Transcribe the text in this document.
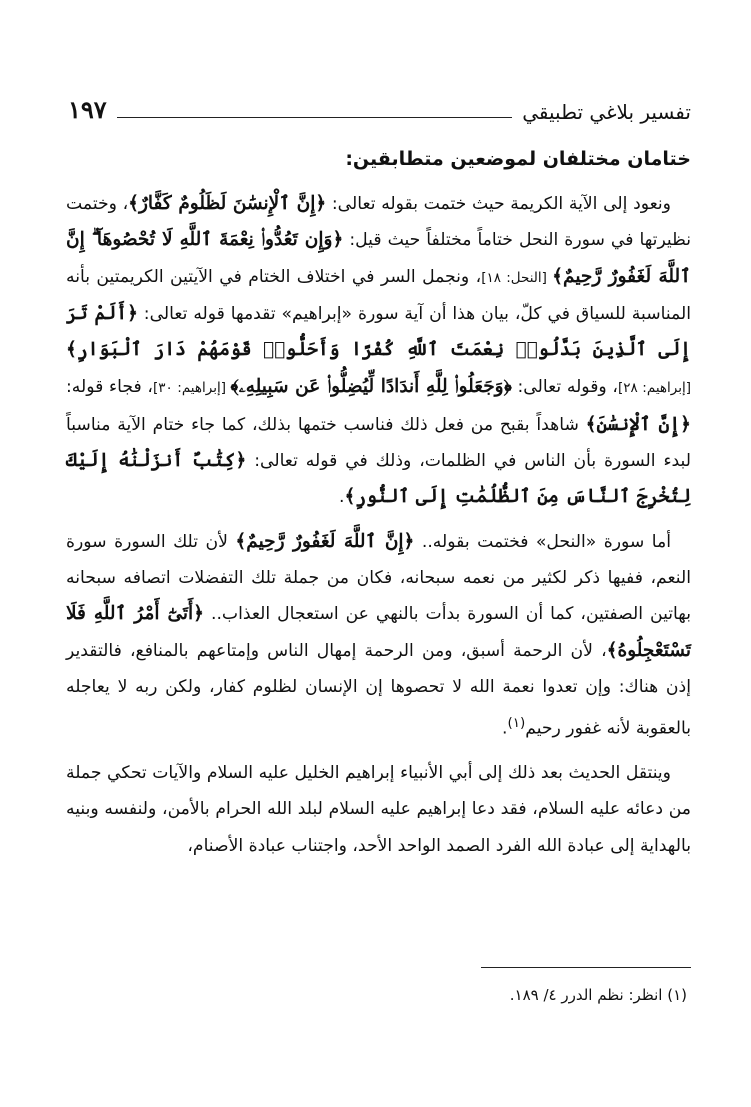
تفسير بلاغي تطبيقي
١٩٧
ختامان مختلفان لموضعين متطابقين:

ونعود إلى الآية الكريمة حيث ختمت بقوله تعالى: ﴿إِنَّ ٱلْإِنسَٰنَ لَظَلُومٌ كَفَّارٌ﴾، وختمت نظيرتها في سورة النحل ختاماً مختلفاً حيث قيل: ﴿وَإِن تَعُدُّوا۟ نِعْمَةَ ٱللَّهِ لَا تُحْصُوهَآ ۗ إِنَّ ٱللَّهَ لَغَفُورٌ رَّحِيمٌ﴾ [النحل: ١٨]، ونجمل السر في اختلاف الختام في الآيتين الكريمتين بأنه المناسبة للسياق في كلّ، بيان هذا أن آية سورة «إبراهيم» تقدمها قوله تعالى: ﴿أَلَمْ تَرَ إِلَى ٱلَّذِينَ بَدَّلُوا۟ نِعْمَتَ ٱللَّهِ كُفْرًا وَأَحَلُّوا۟ قَوْمَهُمْ دَارَ ٱلْبَوَارِ﴾ [إبراهيم: ٢٨]، وقوله تعالى: ﴿وَجَعَلُوا۟ لِلَّهِ أَندَادًا لِّيُضِلُّوا۟ عَن سَبِيلِهِۦ﴾ [إبراهيم: ٣٠]، فجاء قوله: ﴿إِنَّ ٱلْإِنسَٰنَ﴾ شاهداً بقبح من فعل ذلك فناسب ختمها بذلك، كما جاء ختام الآية مناسباً لبدء السورة بأن الناس في الظلمات، وذلك في قوله تعالى: ﴿كِتَٰبٌ أَنزَلْنَٰهُ إِلَيْكَ لِتُخْرِجَ ٱلنَّاسَ مِنَ ٱلظُّلُمَٰتِ إِلَى ٱلنُّورِ﴾.

أما سورة «النحل» فختمت بقوله.. ﴿إِنَّ ٱللَّهَ لَغَفُورٌ رَّحِيمٌ﴾ لأن تلك السورة سورة النعم، ففيها ذكر لكثير من نعمه سبحانه، فكان من جملة تلك التفضلات اتصافه سبحانه بهاتين الصفتين، كما أن السورة بدأت بالنهي عن استعجال العذاب.. ﴿أَتَىٰٓ أَمْرُ ٱللَّهِ فَلَا تَسْتَعْجِلُوهُ﴾، لأن الرحمة أسبق، ومن الرحمة إمهال الناس وإمتاعهم بالمنافع، فالتقدير إذن هناك: وإن تعدوا نعمة الله لا تحصوها إن الإنسان لظلوم كفار، ولكن ربه لا يعاجله بالعقوبة لأنه غفور رحيم$^{(١)}$.

وينتقل الحديث بعد ذلك إلى أبي الأنبياء إبراهيم الخليل عليه السلام والآيات تحكي جملة من دعائه عليه السلام، فقد دعا إبراهيم عليه السلام لبلد الله الحرام بالأمن، ولنفسه وبنيه بالهداية إلى عبادة الله الفرد الصمد الواحد الأحد، واجتناب عبادة الأصنام،

(١) انظر: نظم الدرر ٤/ ١٨٩.
